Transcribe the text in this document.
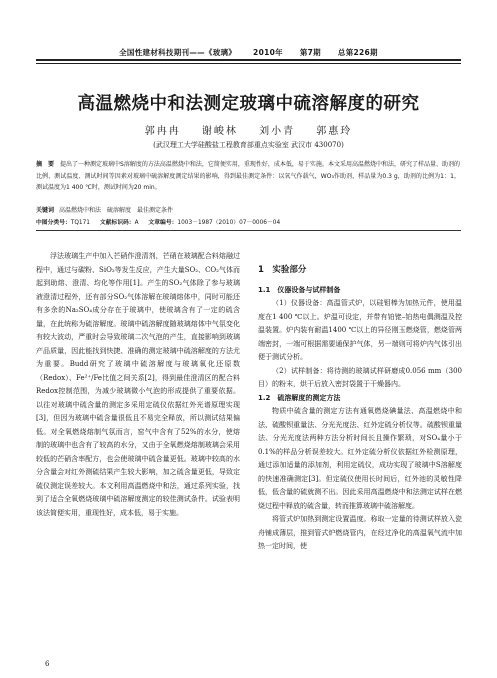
全国性建材科技期刊——《玻璃》 2010年 第7期 总第226期
高温燃烧中和法测定玻璃中硫溶解度的研究
郭冉冉 谢峻林 刘小青 郭惠玲
(武汉理工大学硅酸盐工程教育部重点实验室 武汉市 430070)
摘　要 提出了一种测定玻璃中S溶解度的方法高温燃烧中和法，它简便实用，重现性好，成本低，易于实施。本文采用高温燃烧中和法，研究了样品量、助剂的比例、测试温度、测试时间等因素对玻璃中硫溶解度测定结果的影响，得到最佳测定条件：以氧气作载气，WO₃作助剂，样品量为0.3 g，助剂的比例为1：1，测试温度为1 400 ℃时，测试时间为20 min。
关键词 高温燃烧中和法　硫溶解度　最佳测定条件
中图分类号：TQ171 文献标识码：A 文章编号：1003－1987（2010）07－0006－04

浮法玻璃生产中加入芒硝作澄清剂，芒硝在玻璃配合料熔融过程中，通过与碳粉、SiO₂等发生反应，产生大量SO₂、CO₂气体而起到助熔、澄清、均化等作用[1]。产生的SO₂气体除了参与玻璃液澄清过程外，还有部分SO₂气体溶解在玻璃熔体中，同时可能还有多余的Na₂SO₄成分存在于玻璃中，使玻璃含有了一定的硫含量，在此统称为硫溶解度。玻璃中硫溶解度随玻璃熔体中气氛变化有较大波动，严重时会导致玻璃二次气泡的产生，直接影响到玻璃产品质量，因此能找到快捷、准确的测定玻璃中硫溶解度的方法尤为重要。Budd研究了玻璃中硫溶解度与玻璃氧化还原数（Redox）、Fe²⁺/Fe比值之间关系[2]，得到最佳澄清区的配合料Redox控制范围，为减少玻璃微小气泡的形成提供了重要依据。以往对玻璃中硫含量的测定多采用定硫仪依据红外光谱原理实现[3]，但因为玻璃中硫含量很低且不易完全释放，所以测试结果偏低。对全氧燃烧熔制气氛而言，窑气中含有了52%的水分，使熔制的玻璃中也含有了较高的水分，又由于全氧燃烧熔制玻璃会采用较低的芒硝含率配方，也会使玻璃中硫含量更低。玻璃中较高的水分含量会对红外测硫结果产生较大影响，加之硫含量更低，导致定硫仪测定误差较大。本文利用高温燃烧中和法，通过系列实验，找到了适合全氧燃烧玻璃中硫溶解度测定的较佳测试条件。试验表明该法简便实用，重现性好，成本低，易于实施。

1　实验部分
1.1　仪器设备与试样制备

（1）仪器设备：高温管式炉，以硅钼棒为加热元件，使用温度在1 400 ℃以上。炉温可设定，并带有铂铑–铂热电偶测温及控温装置。炉内装有耐温1400 ℃以上的异径刚玉燃烧管，燃烧管两端密封，一端可根据需要通保护气体，另一端则可将炉内气体引出便于测试分析。

（2）试样制备：将待测的玻璃试样研磨成0.056 mm（300目）的粉末，烘干后放入密封袋置于干燥器内。

1.2　硫溶解度的测定方法

物质中硫含量的测定方法有通氧燃烧碘量法、高温燃烧中和法、硫酸钡重量法、分光光度法、红外定硫分析仪等。硫酸钡重量法、分光光度法两种方法分析时间长且操作繁琐，对SO₄量小于0.1%的样品分析误差较大。红外定硫分析仪依据红外检测原理，通过添加适量的添加剂，利用定硫仪，成功实现了玻璃中S溶解度的快速准确测定[3]。但定硫仪使用长时间后，红外池的灵敏性降低，低含量的硫就测不出。因此采用高温燃烧中和法测定试样在燃烧过程中释放的硫含量，转而推算玻璃中硫溶解度。

将管式炉加热到测定设置温度。称取一定量的待测试样放入瓷舟铺成薄层，推到管式炉燃烧管内，在经过净化的高温氧气流中加热一定时间，使

6
